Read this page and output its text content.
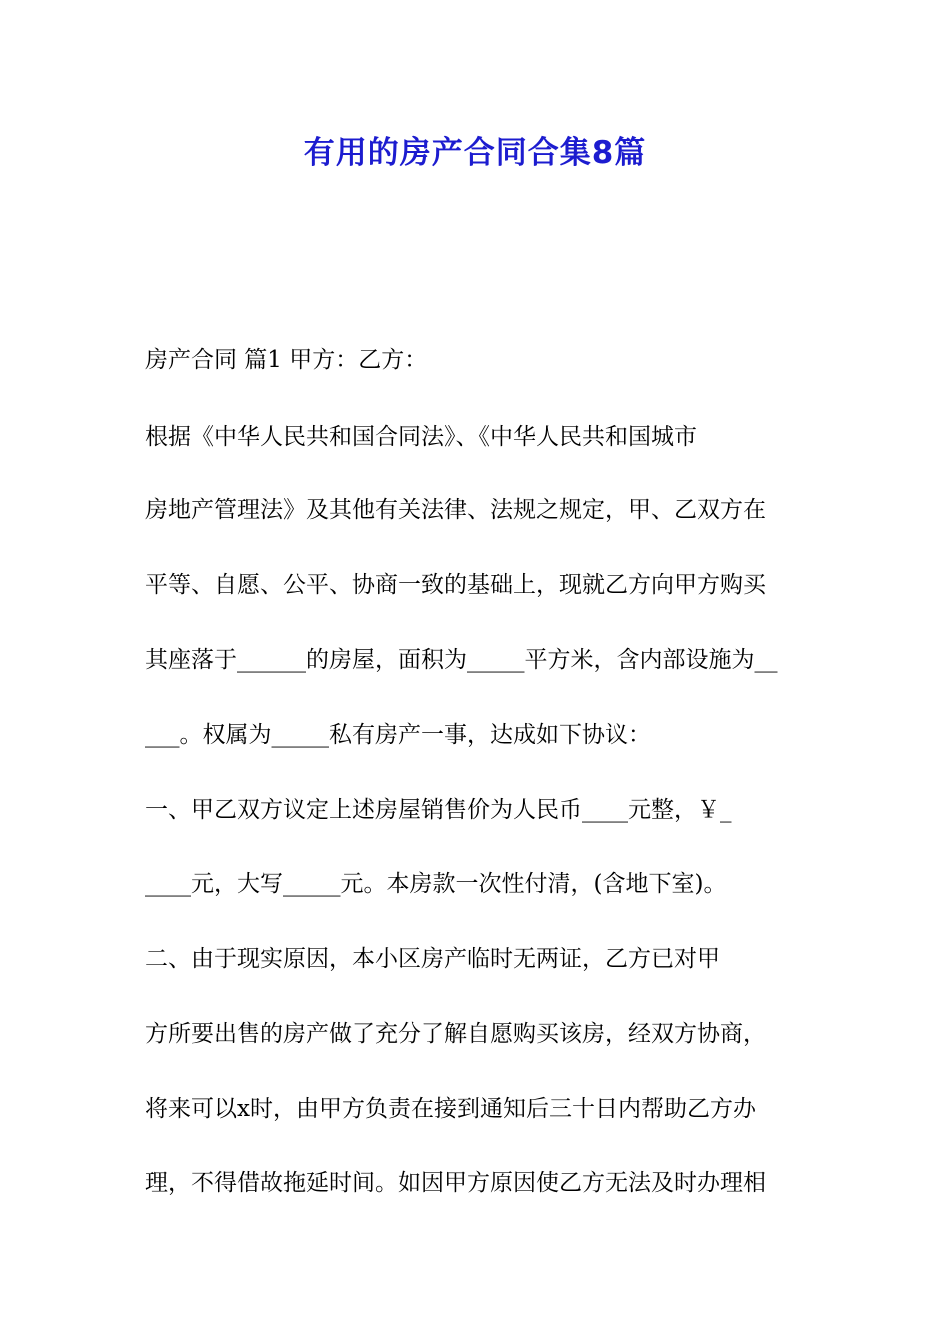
有用的房产合同合集8篇
房产合同 篇1 甲方：乙方：
根据《中华人民共和国合同法》、《中华人民共和国城市
房地产管理法》及其他有关法律、法规之规定，甲、乙双方在
平等、自愿、公平、协商一致的基础上，现就乙方向甲方购买
其座落于______的房屋，面积为_____平方米，含内部设施为__
___。权属为_____私有房产一事，达成如下协议：
一、甲乙双方议定上述房屋销售价为人民币____元整，￥_
____元，大写_____元。本房款一次性付清，(含地下室)。
二、由于现实原因，本小区房产临时无两证，乙方已对甲
方所要出售的房产做了充分了解自愿购买该房，经双方协商，
将来可以x时，由甲方负责在接到通知后三十日内帮助乙方办
理，不得借故拖延时间。如因甲方原因使乙方无法及时办理相
